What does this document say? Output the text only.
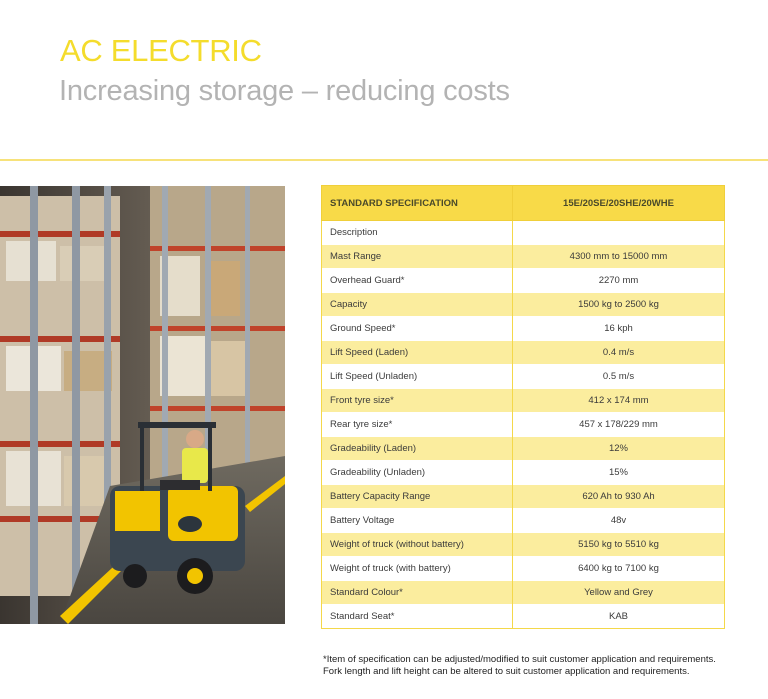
AC ELECTRIC
Increasing storage – reducing costs
STANDARD SPECIFICATION	15E/20SE/20SHE/20WHE
Description	
Mast Range	4300 mm to 15000 mm
Overhead Guard*	2270 mm
Capacity	1500 kg to 2500 kg
Ground Speed*	16 kph
Lift Speed (Laden)	0.4 m/s
Lift Speed (Unladen)	0.5 m/s
Front tyre size*	412 x 174 mm
Rear tyre size*	457 x 178/229 mm
Gradeability (Laden)	12%
Gradeability (Unladen)	15%
Battery Capacity Range	620 Ah to 930 Ah
Battery Voltage	48v
Weight of truck (without battery)	5150 kg to 5510 kg
Weight of truck (with battery)	6400 kg to 7100 kg
Standard Colour*	Yellow and Grey
Standard Seat*	KAB

*Item of specification can be adjusted/modified to suit customer application and requirements. Fork length and lift height can be altered to suit customer application and requirements.
